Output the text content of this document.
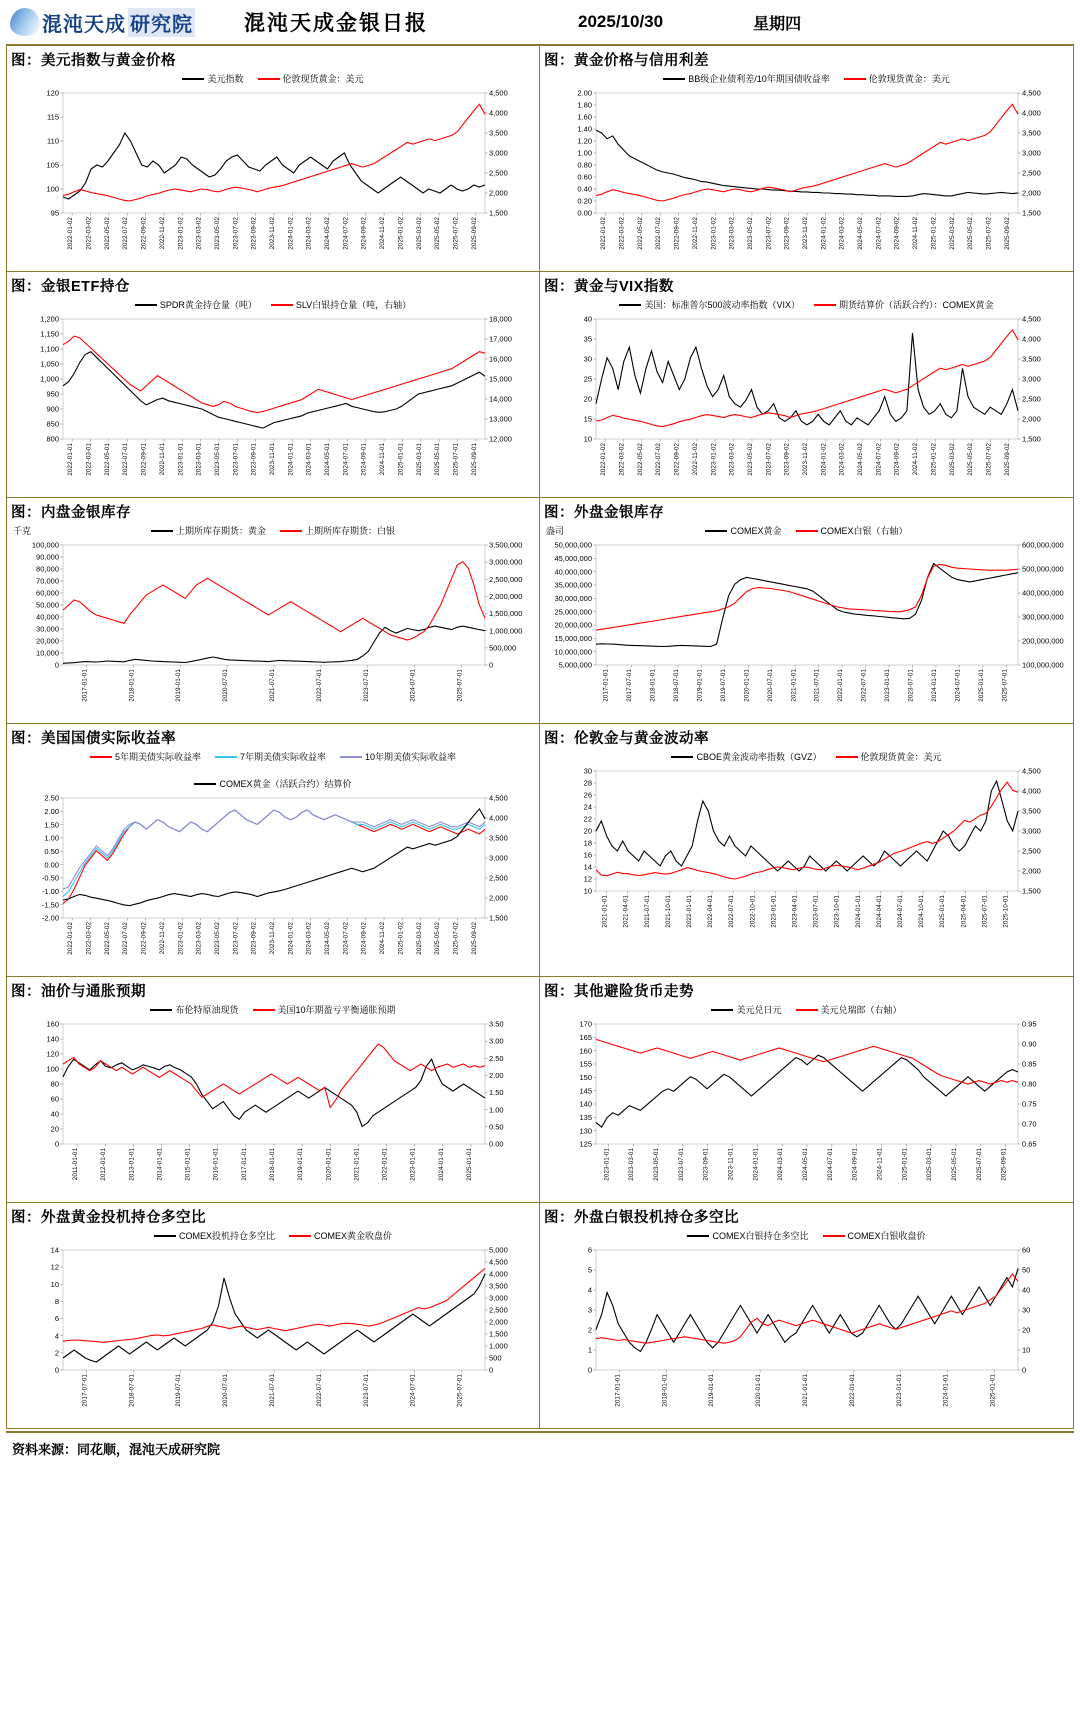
混沌天成 研究院 混沌天成金银日报	2025/10/30	星期四
图：美元指数与黄金价格
美元指数	伦敦现货黄金：美元
120
115
110
105
100
95
4,500
4,000
3,500
3,000
2,500
2,000
1,500
2022-01-02 2022-03-02 2022-05-02 2022-07-02 2022-09-02 2022-11-02 2023-01-02 2023-03-02 2023-05-02 2023-07-02 2023-09-02 2023-11-02 2024-01-02 2024-03-02 2024-05-02 2024-07-02 2024-09-02 2024-11-02 2025-01-02 2025-03-02 2025-05-02 2025-07-02 2025-09-02
图：黄金价格与信用利差
BB级企业债利差/10年期国债收益率	伦敦现货黄金：美元
2.00
1.80
1.60
1.40
1.20
1.00
0.80
0.60
0.40
0.20
0.00
4,500
4,000
3,500
3,000
2,500
2,000
1,500
2022-01-02 2022-03-02 2022-05-02 2022-07-02 2022-09-02 2022-11-02 2023-01-02 2023-03-02 2023-05-02 2023-07-02 2023-09-02 2023-11-02 2024-01-02 2024-03-02 2024-05-02 2024-07-02 2024-09-02 2024-11-02 2025-01-02 2025-03-02 2025-05-02 2025-07-02 2025-09-02
图：金银ETF持仓
SPDR黄金持仓量（吨）	SLV白银持仓量（吨，右轴）
1,200
1,150
1,100
1,050
1,000
950
900
850
800
18,000
17,000
16,000
15,000
14,000
13,000
12,000
2022-01-01 2022-03-01 2022-05-01 2022-07-01 2022-09-01 2022-11-01 2023-01-01 2023-03-01 2023-05-01 2023-07-01 2023-09-01 2023-11-01 2024-01-01 2024-03-01 2024-05-01 2024-07-01 2024-09-01 2024-11-01 2025-01-01 2025-03-01 2025-05-01 2025-07-01 2025-09-01
图：黄金与VIX指数
美国：标准普尔500波动率指数（VIX）	期货结算价（活跃合约）：COMEX黄金
40
35
30
25
20
15
10
4,500
4,000
3,500
3,000
2,500
2,000
1,500
2022-01-02 2022-03-02 2022-05-02 2022-07-02 2022-09-02 2022-11-02 2023-01-02 2023-03-02 2023-05-02 2023-07-02 2023-09-02 2023-11-02 2024-01-02 2024-03-02 2024-05-02 2024-07-02 2024-09-02 2024-11-02 2025-01-02 2025-03-02 2025-05-02 2025-07-02 2025-09-02
图：内盘金银库存
上期所库存期货：黄金	上期所库存期货：白银
千克
100,000
90,000
80,000
70,000
60,000
50,000
40,000
30,000
20,000
10,000
0
3,500,000
3,000,000
2,500,000
2,000,000
1,500,000
1,000,000
500,000
0
2017-01-01	2018-01-01	2019-01-01	2020-07-01	2021-07-01	2022-07-01	2023-07-01	2024-07-01	2025-07-01
图：外盘金银库存
COMEX黄金	COMEX白银（右轴）
盎司
50,000,000
45,000,000
40,000,000
35,000,000
30,000,000
25,000,000
20,000,000
15,000,000
10,000,000
5,000,000
600,000,000
500,000,000
400,000,000
300,000,000
200,000,000
100,000,000
2017-01-01	2017-07-01	2018-01-01	2018-07-01	2019-01-01	2019-07-01	2020-01-01	2020-07-01	2021-01-01	2021-07-01	2022-01-01	2022-07-01	2023-01-01	2023-07-01	2024-01-01	2024-07-01	2025-01-01	2025-07-01
图：美国国债实际收益率
5年期美债实际收益率	7年期美债实际收益率	10年期美债实际收益率
COMEX黄金（活跃合约）结算价
2.50
2.00
1.50
1.00
0.50
0.00
-0.50
-1.00
-1.50
-2.00
4,500
4,000
3,500
3,000
2,500
2,000
1,500
2022-01-02 2022-03-02 2022-05-02 2022-07-02 2022-09-02 2022-11-02 2023-01-02 2023-03-02 2023-05-02 2023-07-02 2023-09-02 2023-11-02 2024-01-02 2024-03-02 2024-05-02 2024-07-02 2024-09-02 2024-11-02 2025-01-02 2025-03-02 2025-05-02 2025-07-02 2025-09-02
图：伦敦金与黄金波动率
CBOE黄金波动率指数（GVZ）	伦敦现货黄金：美元
30
28
26
24
22
20
18
16
14
12
10
4,500
4,000
3,500
3,000
2,500
2,000
1,500
2021-01-01 2021-04-01 2021-07-01 2021-10-01 2022-01-01 2022-04-01 2022-07-01 2022-10-01 2023-01-01 2023-04-01 2023-07-01 2023-10-01 2024-01-01 2024-04-01 2024-07-01 2024-10-01 2025-01-01 2025-04-01 2025-07-01 2025-10-01
图：油价与通胀预期
布伦特原油现货	美国10年期盈亏平衡通胀预期
160
140
120
100
80
60
40
20
0
3.50
3.00
2.50
2.00
1.50
1.00
0.50
0.00
2011-01-01	2012-01-01	2013-01-01	2014-01-01	2015-01-01	2016-01-01	2017-01-01	2018-01-01	2019-01-01	2020-01-01	2021-01-01	2022-01-01	2023-01-01	2024-01-01	2025-01-01
图：其他避险货币走势
美元兑日元	美元兑瑞郎（右轴）
170
165
160
155
150
145
140
135
130
125
0.95
0.90
0.85
0.80
0.75
0.70
0.65
2023-01-01	2023-03-01	2023-05-01	2023-07-01	2023-09-01	2023-11-01	2024-01-01	2024-03-01	2024-05-01	2024-07-01	2024-09-01	2024-11-01	2025-01-01	2025-03-01	2025-05-01	2025-07-01	2025-09-01
图：外盘黄金投机持仓多空比
COMEX投机持仓多空比	COMEX黄金收盘价
14
12
10
8
6
4
2
0
5,000
4,500
4,000
3,500
3,000
2,500
2,000
1,500
1,000
500
0
2017-07-01	2018-07-01	2019-07-01	2020-07-01	2021-07-01	2022-07-01	2023-07-01	2024-07-01	2025-07-01
图：外盘白银投机持仓多空比
COMEX白银持仓多空比	COMEX白银收盘价
6
5
4
3
2
1
0
60
50
40
30
20
10
0
2017-01-01	2018-01-01	2019-01-01	2020-01-01	2021-01-01	2022-01-01	2023-01-01	2024-01-01	2025-01-01
资料来源：同花顺，混沌天成研究院
